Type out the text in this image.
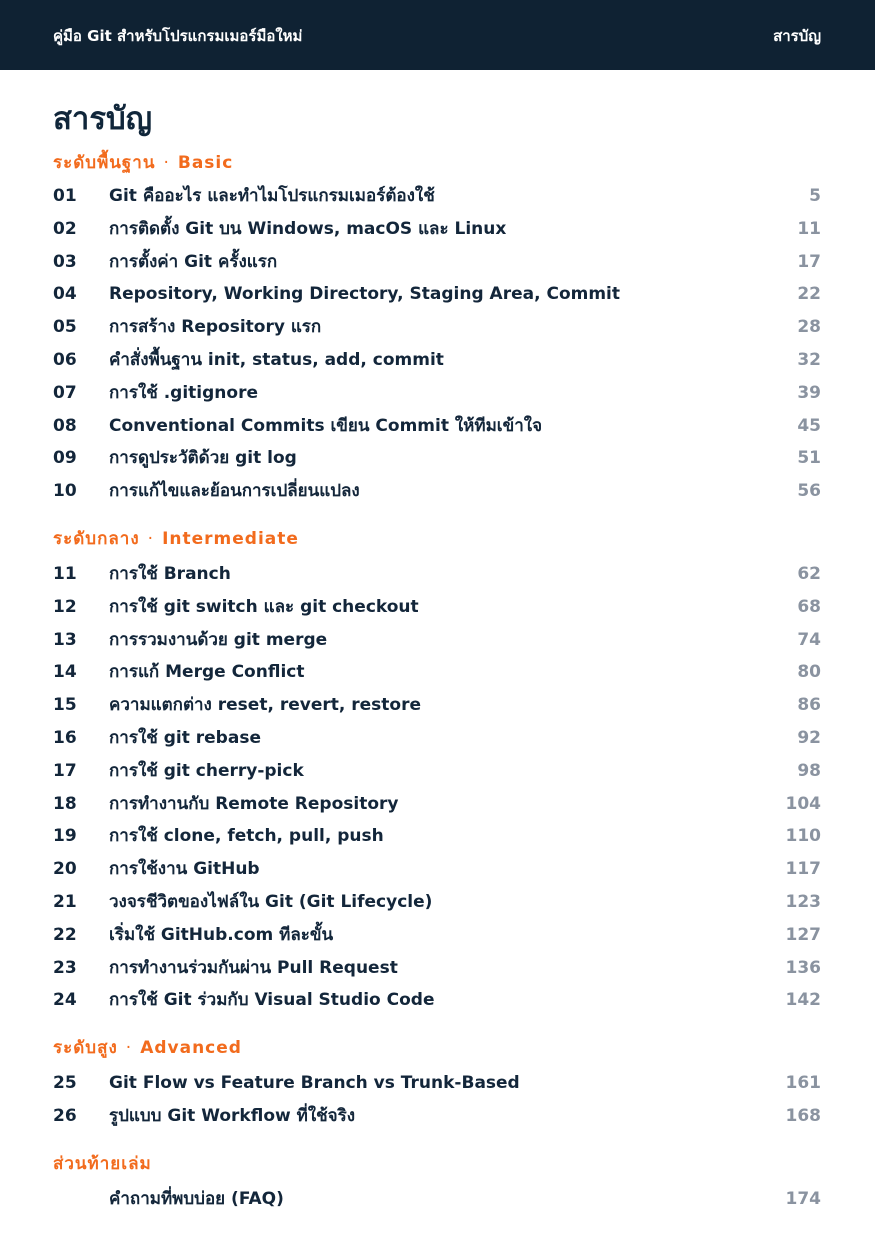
คู่มือ Git สำหรับโปรแกรมเมอร์มือใหม่	สารบัญ
สารบัญ
ระดับพื้นฐาน · Basic
01	Git คืออะไร และทำไมโปรแกรมเมอร์ต้องใช้	5
02	การติดตั้ง Git บน Windows, macOS และ Linux	11
03	การตั้งค่า Git ครั้งแรก	17
04	Repository, Working Directory, Staging Area, Commit	22
05	การสร้าง Repository แรก	28
06	คำสั่งพื้นฐาน init, status, add, commit	32
07	การใช้ .gitignore	39
08	Conventional Commits เขียน Commit ให้ทีมเข้าใจ	45
09	การดูประวัติด้วย git log	51
10	การแก้ไขและย้อนการเปลี่ยนแปลง	56
ระดับกลาง · Intermediate
11	การใช้ Branch	62
12	การใช้ git switch และ git checkout	68
13	การรวมงานด้วย git merge	74
14	การแก้ Merge Conflict	80
15	ความแตกต่าง reset, revert, restore	86
16	การใช้ git rebase	92
17	การใช้ git cherry-pick	98
18	การทำงานกับ Remote Repository	104
19	การใช้ clone, fetch, pull, push	110
20	การใช้งาน GitHub	117
21	วงจรชีวิตของไฟล์ใน Git (Git Lifecycle)	123
22	เริ่มใช้ GitHub.com ทีละขั้น	127
23	การทำงานร่วมกันผ่าน Pull Request	136
24	การใช้ Git ร่วมกับ Visual Studio Code	142
ระดับสูง · Advanced
25	Git Flow vs Feature Branch vs Trunk-Based	161
26	รูปแบบ Git Workflow ที่ใช้จริง	168
ส่วนท้ายเล่ม
คำถามที่พบบ่อย (FAQ)	174
